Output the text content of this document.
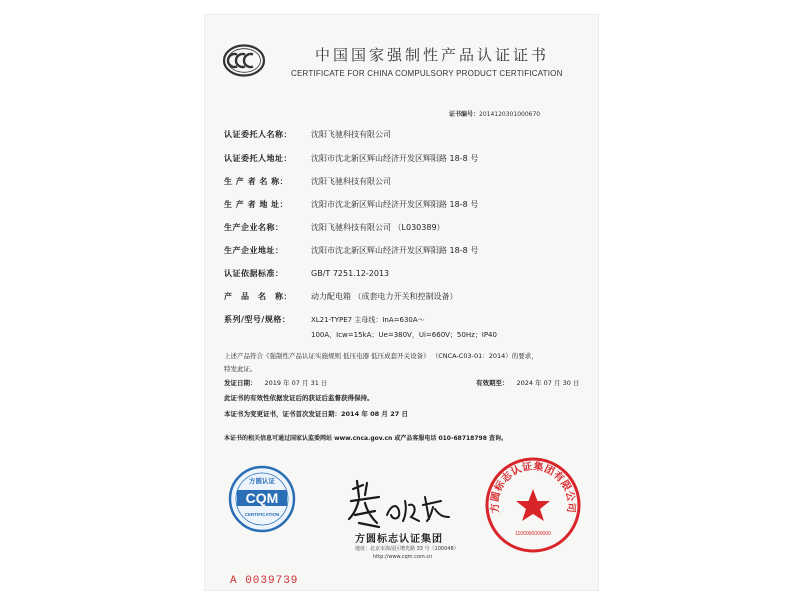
中国国家强制性产品认证证书
CERTIFICATE FOR CHINA COMPULSORY PRODUCT CERTIFICATION
证书编号：2014120301000670
认证委托人名称： 沈阳飞驰科技有限公司
认证委托人地址： 沈阳市沈北新区辉山经济开发区辉阳路 18-8 号
生 产 者 名 称：	沈阳飞驰科技有限公司
生 产 者 地 址：	沈阳市沈北新区辉山经济开发区辉阳路 18-8 号
生产企业名称：	沈阳飞驰科技有限公司 （L030389）
生产企业地址：	沈阳市沈北新区辉山经济开发区辉阳路 18-8 号
认证依据标准：	GB/T 7251.12-2013
产　品　名　称： 动力配电箱 （成套电力开关和控制设备）
系列/型号/规格：	XL21-TYPE7 主母线：InA=630A～
100A，Icw=15kA；Ue=380V，Ui=660V；50Hz；IP40
上述产品符合《强制性产品认证实施规则 低压电器 低压成套开关设备》 （CNCA-C03-01：2014）的要求，
特发此证。
发证日期： 2019 年 07 月 31 日	有效期至： 2024 年 07 月 30 日
此证书的有效性依据发证后的获证后监督获得保持。
本证书为变更证书，证书首次发证日期：2014 年 08 月 27 日
本证书的相关信息可通过国家认监委网站 www.cnca.gov.cn 或产品客服电话 010-68718798 查询。
方圆认证
CQM
CERTIFICATION
方圆标志认证集团有限公司
1100000000000
方圆标志认证集团
地址：北京市海淀区增光路 33 号（100048）
http://www.cqm.com.cn
A 0039739
